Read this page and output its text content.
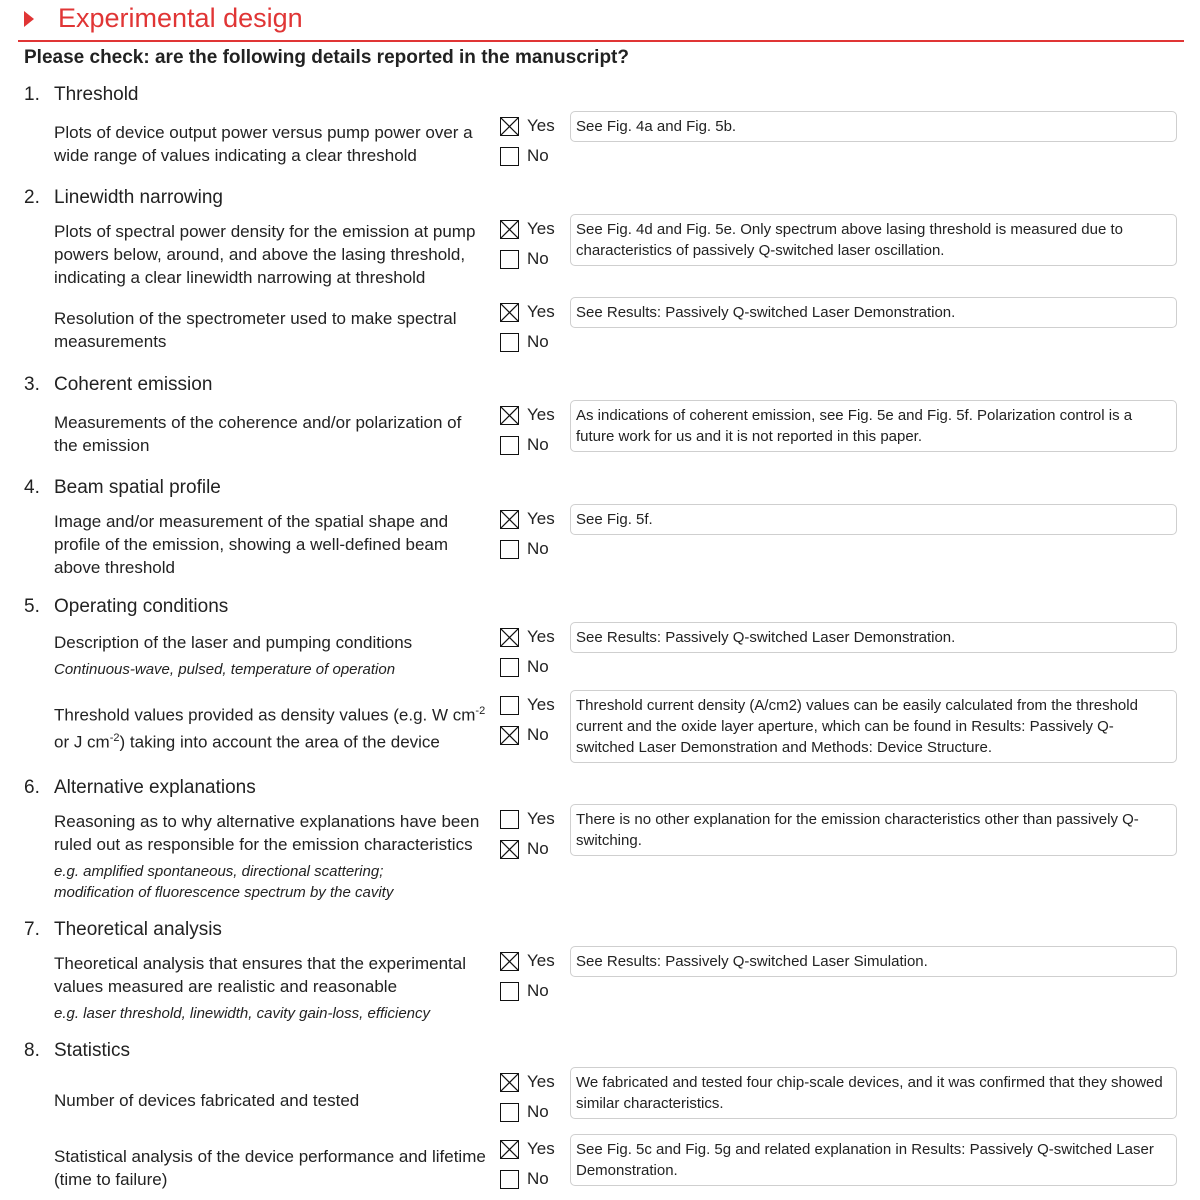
Experimental design
Please check: are the following details reported in the manuscript?
1. Threshold
Plots of device output power versus pump power over a wide range of values indicating a clear threshold
Yes
No
See Fig. 4a and Fig. 5b.
2. Linewidth narrowing
Plots of spectral power density for the emission at pump powers below, around, and above the lasing threshold, indicating a clear linewidth narrowing at threshold
Yes
No
See Fig. 4d and Fig. 5e. Only spectrum above lasing threshold is measured due to characteristics of passively Q-switched laser oscillation.
Resolution of the spectrometer used to make spectral measurements
Yes
No
See Results: Passively Q-switched Laser Demonstration.
3. Coherent emission
Measurements of the coherence and/or polarization of the emission
Yes
No
As indications of coherent emission, see Fig. 5e and Fig. 5f. Polarization control is a future work for us and it is not reported in this paper.
4. Beam spatial profile
Image and/or measurement of the spatial shape and profile of the emission, showing a well-defined beam above threshold
Yes
No
See Fig. 5f.
5. Operating conditions
Description of the laser and pumping conditions
Continuous-wave, pulsed, temperature of operation
Yes
No
See Results: Passively Q-switched Laser Demonstration.
Threshold values provided as density values (e.g. W $cm^{-2}$ or J $cm^{-2}$) taking into account the area of the device
Yes
No
Threshold current density (A/cm2) values can be easily calculated from the threshold current and the oxide layer aperture, which can be found in Results: Passively Q-switched Laser Demonstration and Methods: Device Structure.
6. Alternative explanations
Reasoning as to why alternative explanations have been ruled out as responsible for the emission characteristics
e.g. amplified spontaneous, directional scattering;
modification of fluorescence spectrum by the cavity
Yes
No
There is no other explanation for the emission characteristics other than passively Q-switching.
7. Theoretical analysis
Theoretical analysis that ensures that the experimental values measured are realistic and reasonable
e.g. laser threshold, linewidth, cavity gain-loss, efficiency
Yes
No
See Results: Passively Q-switched Laser Simulation.
8. Statistics
Number of devices fabricated and tested
Yes
No
We fabricated and tested four chip-scale devices, and it was confirmed that they showed similar characteristics.
Statistical analysis of the device performance and lifetime (time to failure)
Yes
No
See Fig. 5c and Fig. 5g and related explanation in Results: Passively Q-switched Laser Demonstration.
